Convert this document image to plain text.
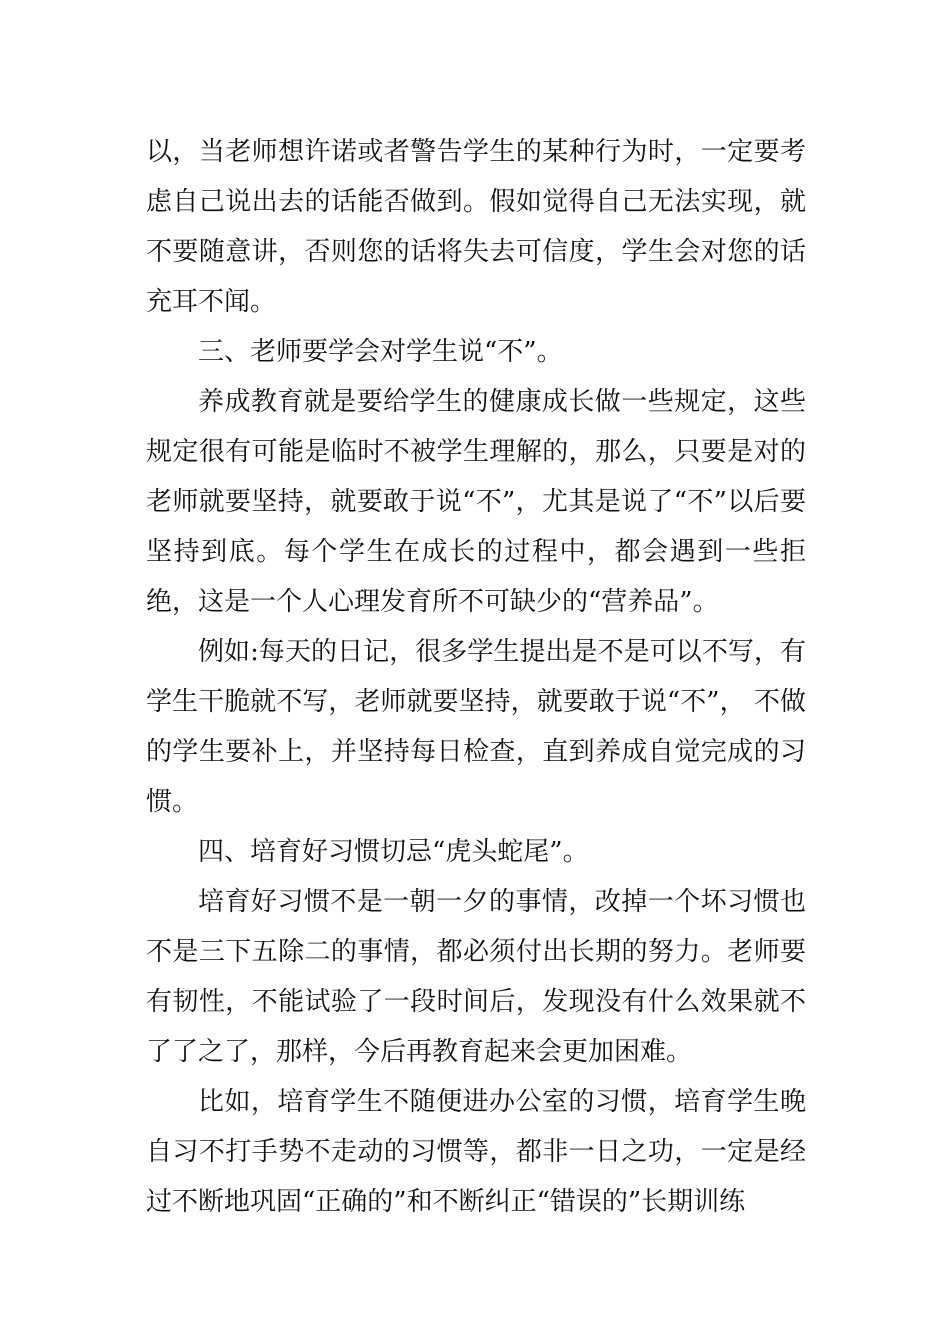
以，当老师想许诺或者警告学生的某种行为时，一定要考虑自己说出去的话能否做到。假如觉得自己无法实现，就不要随意讲，否则您的话将失去可信度，学生会对您的话充耳不闻。

三、老师要学会对学生说“不”。

养成教育就是要给学生的健康成长做一些规定，这些规定很有可能是临时不被学生理解的，那么，只要是对的老师就要坚持，就要敢于说“不”，尤其是说了“不”以后要坚持到底。每个学生在成长的过程中，都会遇到一些拒绝，这是一个人心理发育所不可缺少的“营养品”。

例如:每天的日记，很多学生提出是不是可以不写，有学生干脆就不写，老师就要坚持，就要敢于说“不”， 不做的学生要补上，并坚持每日检查，直到养成自觉完成的习惯。

四、培育好习惯切忌“虎头蛇尾”。

培育好习惯不是一朝一夕的事情，改掉一个坏习惯也不是三下五除二的事情，都必须付出长期的努力。老师要有韧性，不能试验了一段时间后，发现没有什么效果就不了了之了，那样，今后再教育起来会更加困难。

比如，培育学生不随便进办公室的习惯，培育学生晚自习不打手势不走动的习惯等，都非一日之功，一定是经过不断地巩固“正确的”和不断纠正“错误的”长期训练
